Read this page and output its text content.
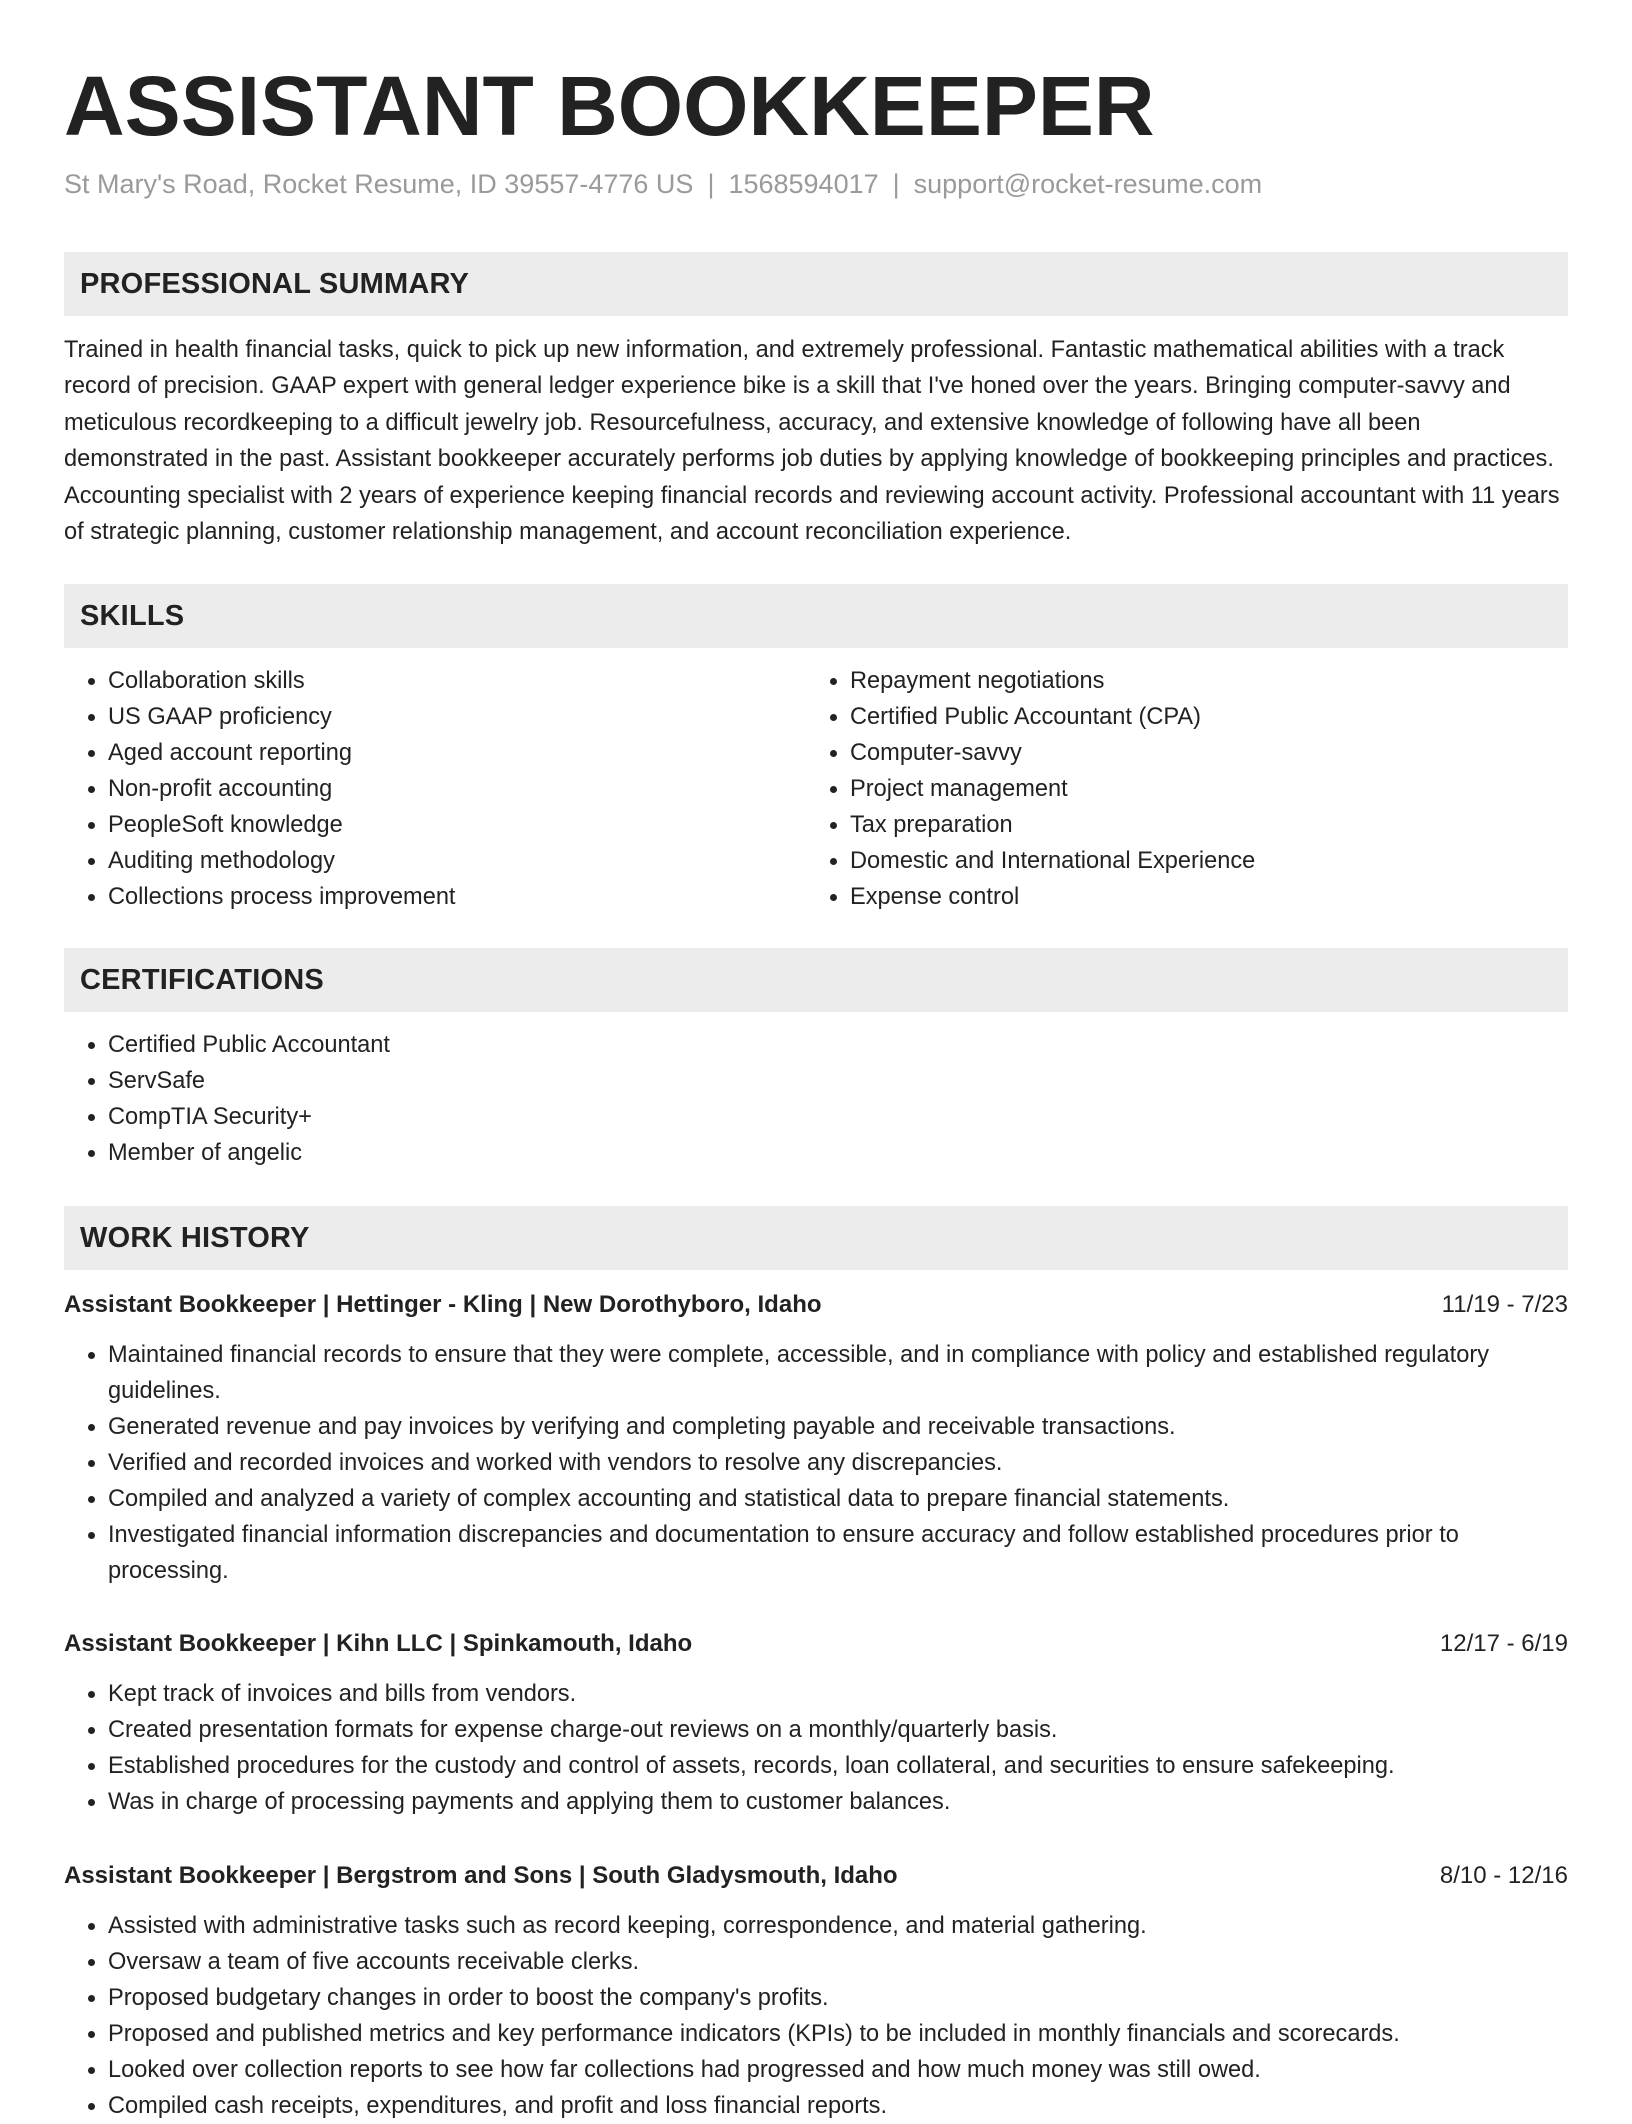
ASSISTANT BOOKKEEPER
St Mary's Road, Rocket Resume, ID 39557-4776 US | 1568594017 | support@rocket-resume.com
PROFESSIONAL SUMMARY

Trained in health financial tasks, quick to pick up new information, and extremely professional. Fantastic mathematical abilities with a track record of precision. GAAP expert with general ledger experience bike is a skill that I've honed over the years. Bringing computer-savvy and meticulous recordkeeping to a difficult jewelry job. Resourcefulness, accuracy, and extensive knowledge of following have all been demonstrated in the past. Assistant bookkeeper accurately performs job duties by applying knowledge of bookkeeping principles and practices. Accounting specialist with 2 years of experience keeping financial records and reviewing account activity. Professional accountant with 11 years of strategic planning, customer relationship management, and account reconciliation experience.

SKILLS
• Collaboration skills
• US GAAP proficiency
• Aged account reporting
• Non-profit accounting
• PeopleSoft knowledge
• Auditing methodology
• Collections process improvement
• Repayment negotiations
• Certified Public Accountant (CPA)
• Computer-savvy
• Project management
• Tax preparation
• Domestic and International Experience
• Expense control
CERTIFICATIONS
• Certified Public Accountant
• ServSafe
• CompTIA Security+
• Member of angelic
WORK HISTORY
Assistant Bookkeeper | Hettinger - Kling | New Dorothyboro, Idaho	11/19 - 7/23
• Maintained financial records to ensure that they were complete, accessible, and in compliance with policy and established regulatory guidelines.
• Generated revenue and pay invoices by verifying and completing payable and receivable transactions.
• Verified and recorded invoices and worked with vendors to resolve any discrepancies.
• Compiled and analyzed a variety of complex accounting and statistical data to prepare financial statements.
• Investigated financial information discrepancies and documentation to ensure accuracy and follow established procedures prior to processing.
Assistant Bookkeeper | Kihn LLC | Spinkamouth, Idaho	12/17 - 6/19
• Kept track of invoices and bills from vendors.
• Created presentation formats for expense charge-out reviews on a monthly/quarterly basis.
• Established procedures for the custody and control of assets, records, loan collateral, and securities to ensure safekeeping.
• Was in charge of processing payments and applying them to customer balances.
Assistant Bookkeeper | Bergstrom and Sons | South Gladysmouth, Idaho	8/10 - 12/16
• Assisted with administrative tasks such as record keeping, correspondence, and material gathering.
• Oversaw a team of five accounts receivable clerks.
• Proposed budgetary changes in order to boost the company's profits.
• Proposed and published metrics and key performance indicators (KPIs) to be included in monthly financials and scorecards.
• Looked over collection reports to see how far collections had progressed and how much money was still owed.
• Compiled cash receipts, expenditures, and profit and loss financial reports.
